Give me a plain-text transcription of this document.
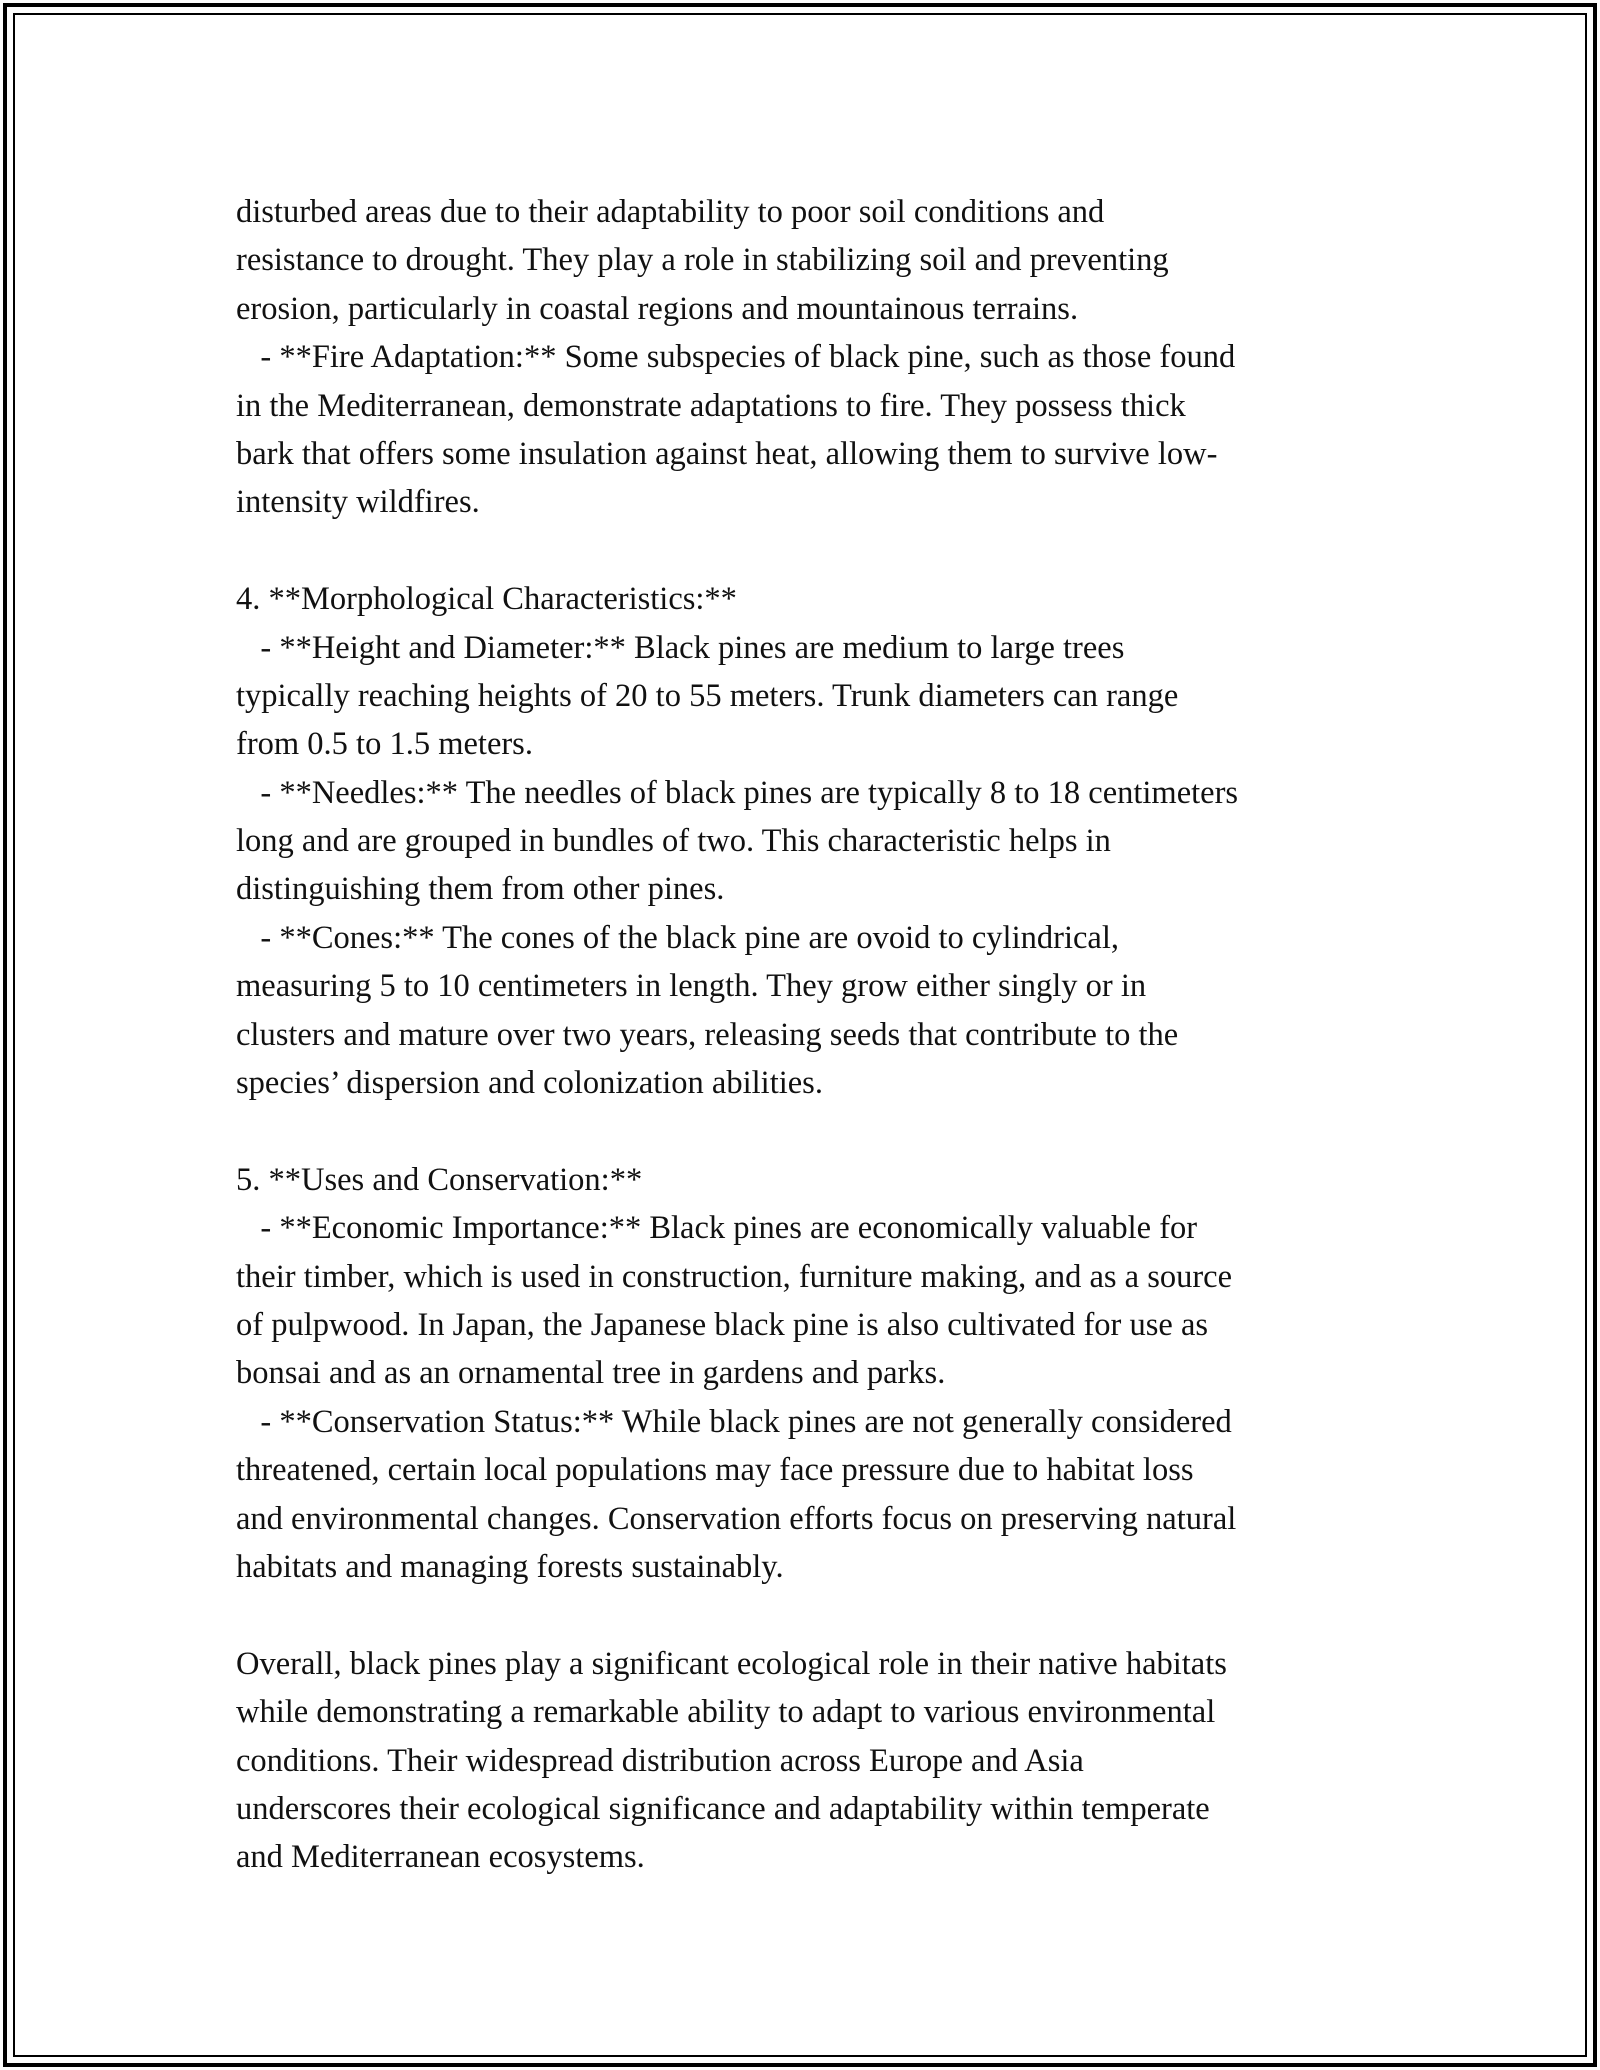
disturbed areas due to their adaptability to poor soil conditions and
resistance to drought. They play a role in stabilizing soil and preventing
erosion, particularly in coastal regions and mountainous terrains.
- **Fire Adaptation:** Some subspecies of black pine, such as those found
in the Mediterranean, demonstrate adaptations to fire. They possess thick
bark that offers some insulation against heat, allowing them to survive low-
intensity wildfires.
4. **Morphological Characteristics:**
- **Height and Diameter:** Black pines are medium to large trees
typically reaching heights of 20 to 55 meters. Trunk diameters can range
from 0.5 to 1.5 meters.
- **Needles:** The needles of black pines are typically 8 to 18 centimeters
long and are grouped in bundles of two. This characteristic helps in
distinguishing them from other pines.
- **Cones:** The cones of the black pine are ovoid to cylindrical,
measuring 5 to 10 centimeters in length. They grow either singly or in
clusters and mature over two years, releasing seeds that contribute to the
species’ dispersion and colonization abilities.
5. **Uses and Conservation:**
- **Economic Importance:** Black pines are economically valuable for
their timber, which is used in construction, furniture making, and as a source
of pulpwood. In Japan, the Japanese black pine is also cultivated for use as
bonsai and as an ornamental tree in gardens and parks.
- **Conservation Status:** While black pines are not generally considered
threatened, certain local populations may face pressure due to habitat loss
and environmental changes. Conservation efforts focus on preserving natural
habitats and managing forests sustainably.
Overall, black pines play a significant ecological role in their native habitats
while demonstrating a remarkable ability to adapt to various environmental
conditions. Their widespread distribution across Europe and Asia
underscores their ecological significance and adaptability within temperate
and Mediterranean ecosystems.
